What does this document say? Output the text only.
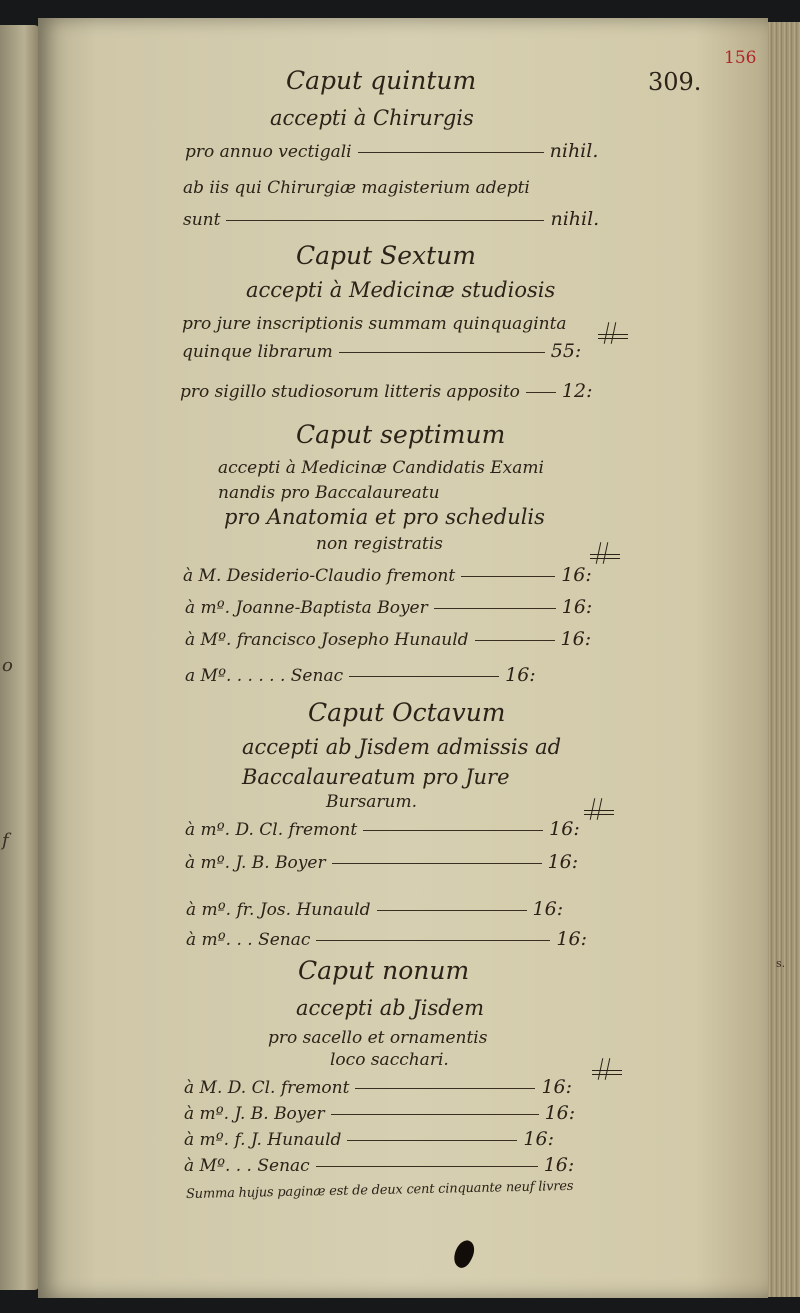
o
f
s.
309.
156
Caput quintum
accepti à Chirurgis
pro annuo vectigali	nihil.
ab iis qui Chirurgiæ magisterium adepti
sunt	nihil.
Caput Sextum
accepti à Medicinæ studiosis
pro jure inscriptionis summam quinquaginta
quinque librarum	55:
pro sigillo studiosorum litteris apposito 12:
Caput septimum
accepti à Medicinæ Candidatis Exami
nandis pro Baccalaureatu
pro Anatomia et pro schedulis
non registratis
à M. Desiderio-Claudio fremont	16:
à mº. Joanne-Baptista Boyer	16:
à Mº. francisco Josepho Hunauld	16:
a Mº. . . . . . Senac	16:
Caput Octavum
accepti ab Jisdem admissis ad
Baccalaureatum pro Jure
Bursarum.
à mº. D. Cl. fremont	16:
à mº. J. B. Boyer	16:
à mº. fr. Jos. Hunauld	16:
à mº. . . Senac	16:
Caput nonum
accepti ab Jisdem
pro sacello et ornamentis
loco sacchari.
à M. D. Cl. fremont	16:
à mº. J. B. Boyer	16:
à mº. f. J. Hunauld	16:
à Mº. . . Senac	16:
Summa hujus paginæ est de deux cent cinquante neuf livres
